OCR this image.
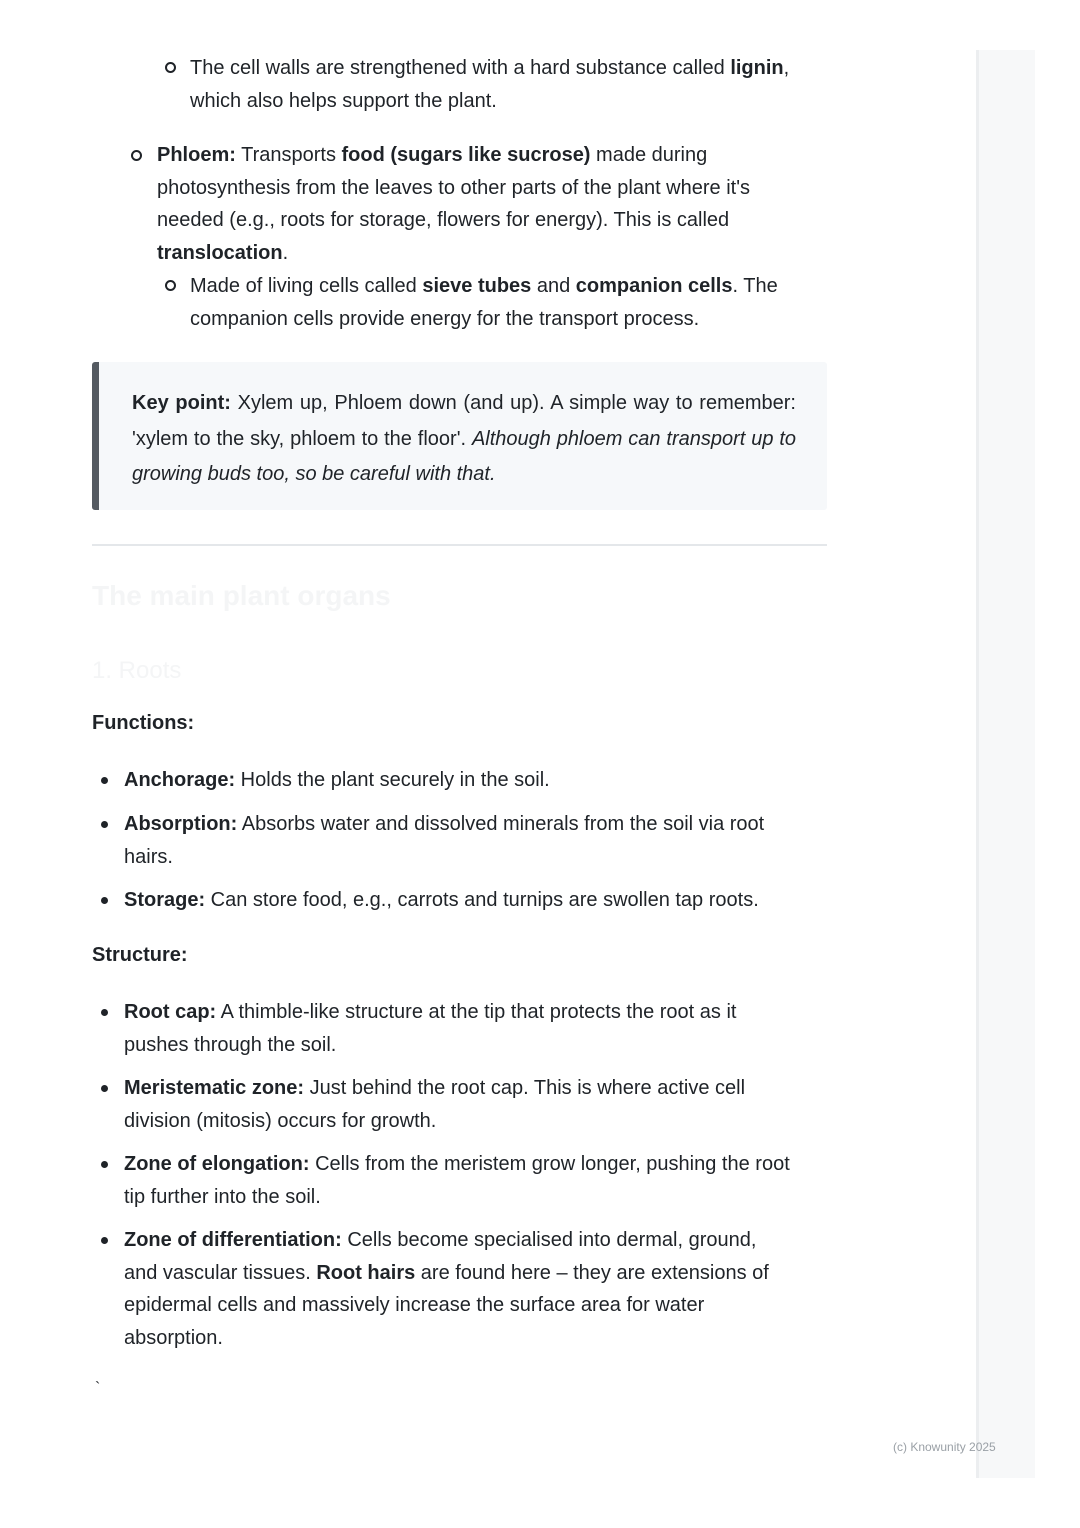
The cell walls are strengthened with a hard substance called lignin,
which also helps support the plant.
Phloem: Transports food (sugars like sucrose) made during
photosynthesis from the leaves to other parts of the plant where it's
needed (e.g., roots for storage, flowers for energy). This is called
translocation.
Made of living cells called sieve tubes and companion cells. The
companion cells provide energy for the transport process.
Key point: Xylem up, Phloem down (and up). A simple way to remember: 'xylem to the sky, phloem to the floor'. Although phloem can transport up to growing buds too, so be careful with that.
The main plant organs
1. Roots
Functions:
Anchorage: Holds the plant securely in the soil.
Absorption: Absorbs water and dissolved minerals from the soil via root
hairs.
Storage: Can store food, e.g., carrots and turnips are swollen tap roots.
Structure:
Root cap: A thimble-like structure at the tip that protects the root as it
pushes through the soil.
Meristematic zone: Just behind the root cap. This is where active cell
division (mitosis) occurs for growth.
Zone of elongation: Cells from the meristem grow longer, pushing the root
tip further into the soil.
Zone of differentiation: Cells become specialised into dermal, ground,
and vascular tissues. Root hairs are found here – they are extensions of
epidermal cells and massively increase the surface area for water
absorption.
`
(c) Knowunity 2025
